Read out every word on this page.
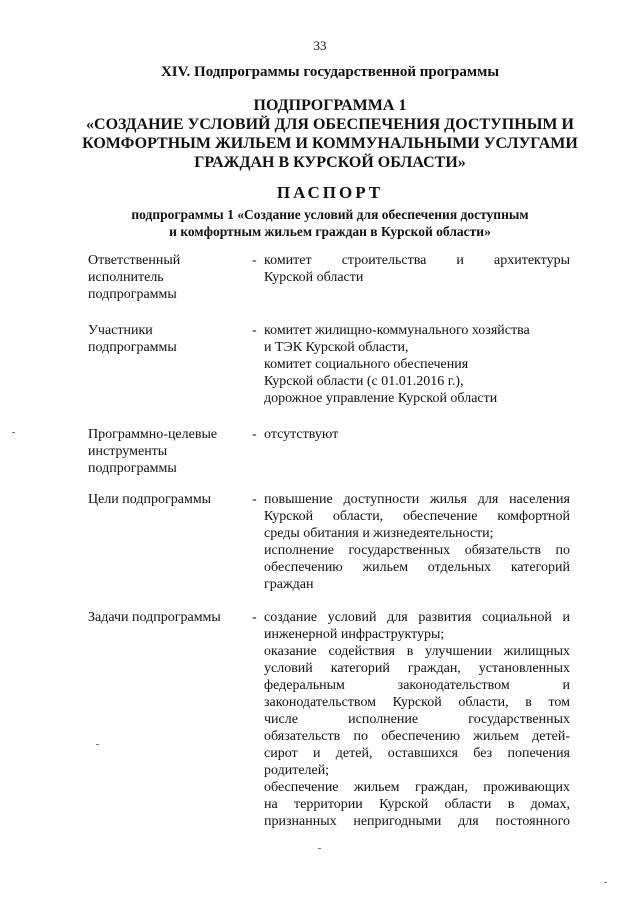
33
XIV. Подпрограммы государственной программы
ПОДПРОГРАММА 1
«СОЗДАНИЕ УСЛОВИЙ ДЛЯ ОБЕСПЕЧЕНИЯ ДОСТУПНЫМ И
КОМФОРТНЫМ ЖИЛЬЕМ И КОММУНАЛЬНЫМИ УСЛУГАМИ
ГРАЖДАН В КУРСКОЙ ОБЛАСТИ»
ПАСПОРТ
подпрограммы 1 «Создание условий для обеспечения доступным
и комфортным жильем граждан в Курской области»
Ответственный
исполнитель
подпрограммы
- комитет строительства и архитектуры
Курской области
Участники
подпрограммы
- комитет жилищно-коммунального хозяйства
и ТЭК Курской области,
комитет социального обеспечения
Курской области (с 01.01.2016 г.),
дорожное управление Курской области
Программно-целевые
инструменты
подпрограммы
- отсутствуют
Цели подпрограммы	- повышение доступности жилья для населения
Курской области, обеспечение комфортной
среды обитания и жизнедеятельности;
исполнение государственных обязательств по
обеспечению жильем отдельных категорий
граждан
Задачи подпрограммы	- создание условий для развития социальной и
инженерной инфраструктуры;
оказание содействия в улучшении жилищных
условий категорий граждан, установленных
федеральным законодательством и
законодательством Курской области, в том
числе исполнение государственных
обязательств по обеспечению жильем детей-
сирот и детей, оставшихся без попечения
родителей;
обеспечение жильем граждан, проживающих
на территории Курской области в домах,
признанных непригодными для постоянного
